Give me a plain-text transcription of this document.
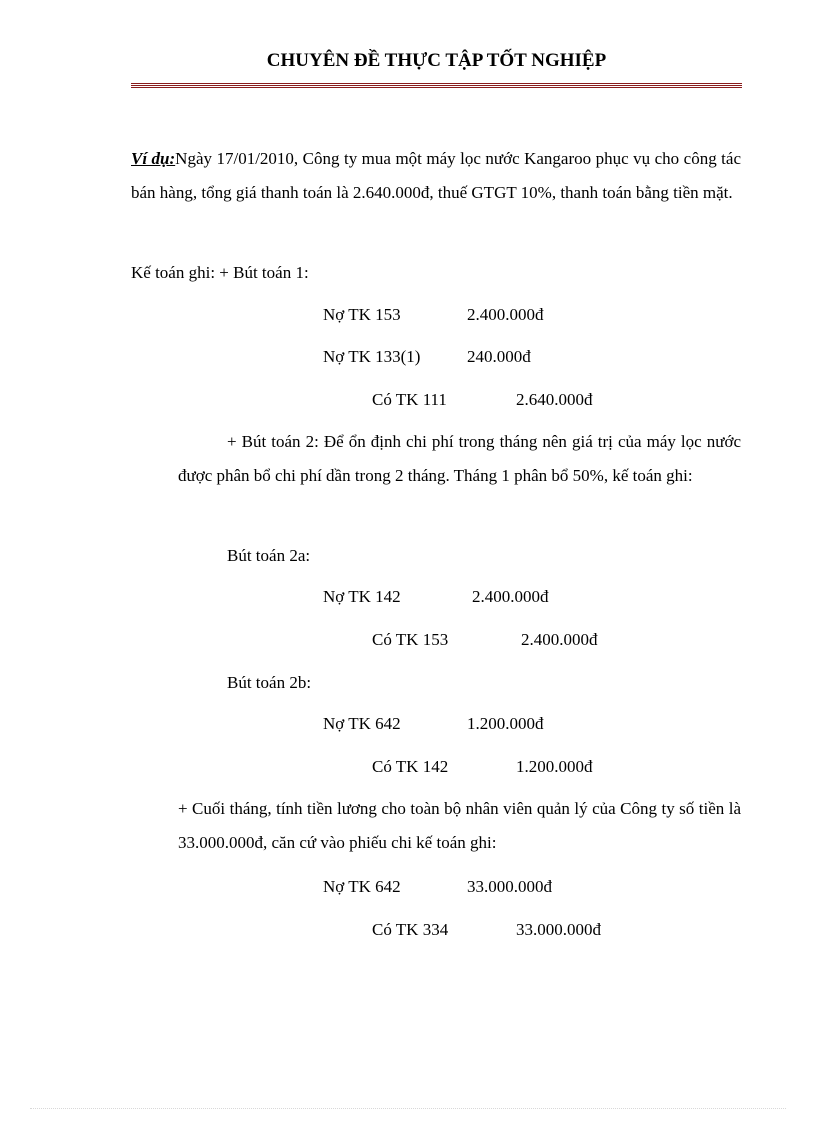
CHUYÊN ĐỀ THỰC TẬP TỐT NGHIỆP

Ví dụ:Ngày 17/01/2010, Công ty mua một máy lọc nước Kangaroo phục vụ cho công tác bán hàng, tổng giá thanh toán là 2.640.000đ, thuế GTGT 10%, thanh toán bằng tiền mặt.

Kế toán ghi: + Bút toán 1:
Nợ TK 153	2.400.000đ
Nợ TK 133(1)	240.000đ
Có TK 111	2.640.000đ

+ Bút toán 2: Để ổn định chi phí trong tháng nên giá trị của máy lọc nước được phân bổ chi phí dần trong 2 tháng. Tháng 1 phân bổ 50%, kế toán ghi:

Bút toán 2a:
Nợ TK 142	2.400.000đ
Có TK 153	2.400.000đ
Bút toán 2b:
Nợ TK 642	1.200.000đ
Có TK 142	1.200.000đ

+ Cuối tháng, tính tiền lương cho toàn bộ nhân viên quản lý của Công ty số tiền là 33.000.000đ, căn cứ vào phiếu chi kế toán ghi:

Nợ TK 642	33.000.000đ
Có TK 334	33.000.000đ
